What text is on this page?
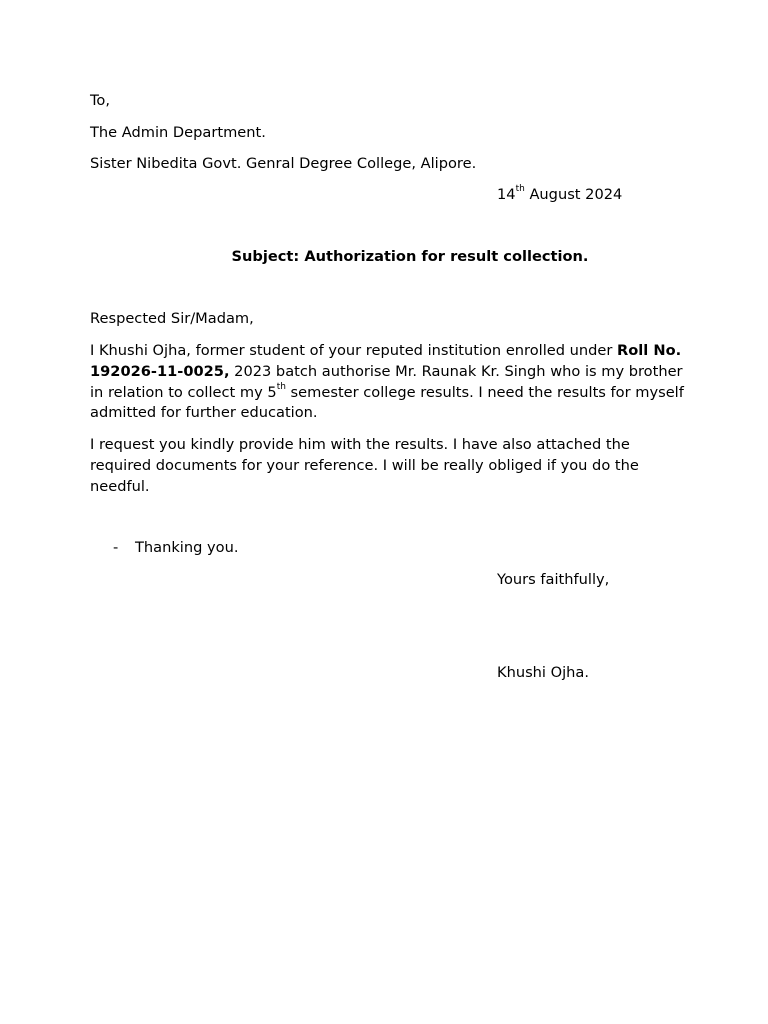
To,
The Admin Department.
Sister Nibedita Govt. Genral Degree College, Alipore.
14th August 2024
Subject: Authorization for result collection.
Respected Sir/Madam,
I Khushi Ojha, former student of your reputed institution enrolled under Roll No. 192026-11-0025, 2023 batch authorise Mr. Raunak Kr. Singh who is my brother in relation to collect my 5th semester college results. I need the results for myself admitted for further education.
I request you kindly provide him with the results. I have also attached the required documents for your reference. I will be really obliged if you do the needful.
- Thanking you.
Yours faithfully,
Khushi Ojha.
